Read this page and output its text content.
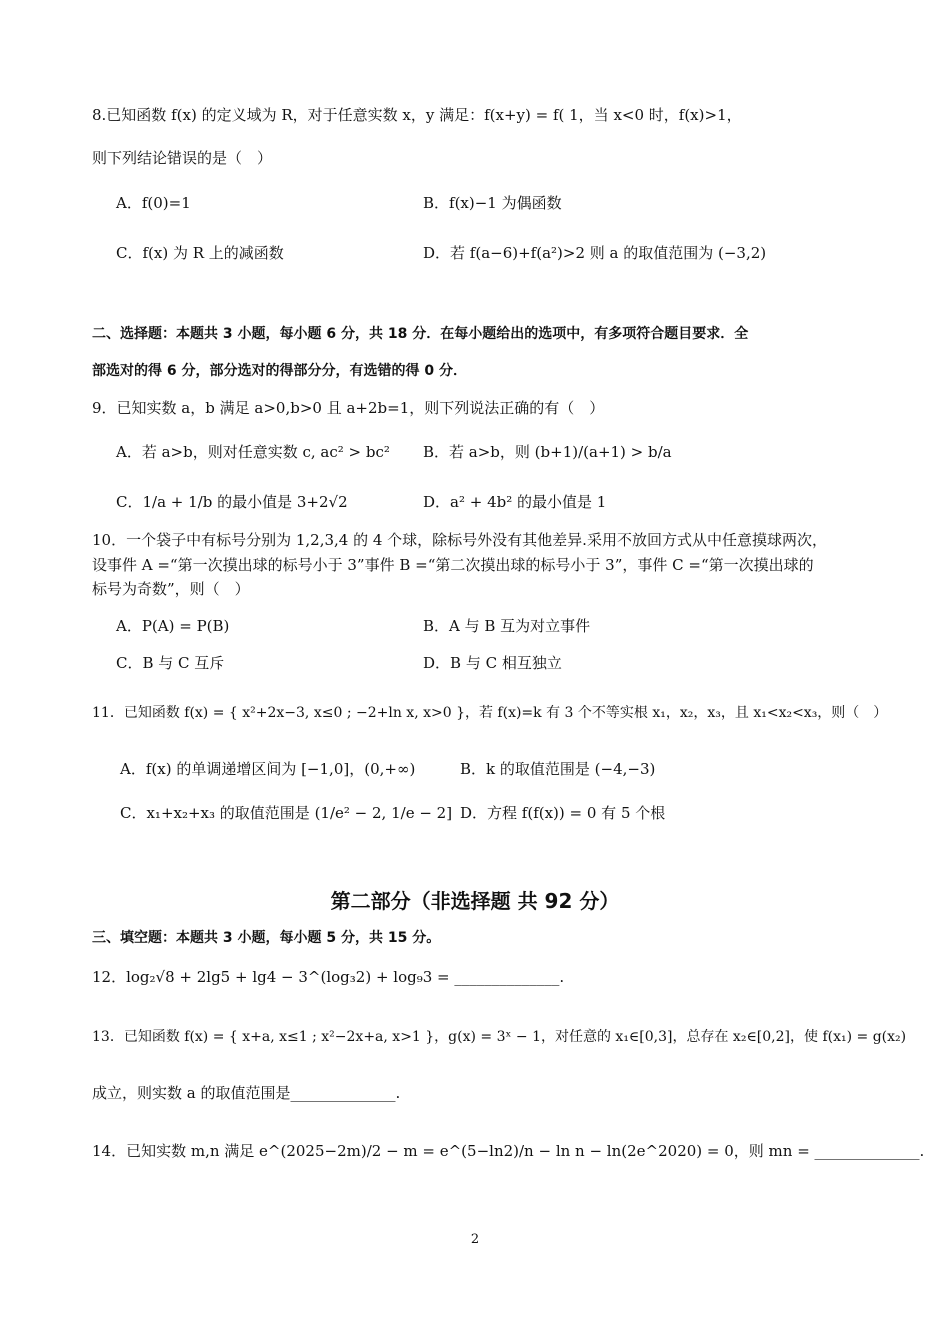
8.已知函数 f(x) 的定义域为 R，对于任意实数 x，y 满足：f(x+y) = f( 1，当 x<0 时，f(x)>1，
则下列结论错误的是（　）
A．f(0)=1	B．f(x)−1 为偶函数
C．f(x) 为 R 上的减函数	D．若 f(a−6)+f(a²)>2 则 a 的取值范围为 (−3,2)
二、选择题：本题共 3 小题，每小题 6 分，共 18 分．在每小题给出的选项中，有多项符合题目要求．全
部选对的得 6 分，部分选对的得部分分，有选错的得 0 分．
9．已知实数 a，b 满足 a>0,b>0 且 a+2b=1，则下列说法正确的有（　）
A．若 a>b，则对任意实数 c, ac² > bc² B．若 a>b，则 (b+1)/(a+1) > b/a
C．1/a + 1/b 的最小值是 3+2√2	D．a² + 4b² 的最小值是 1
10．一个袋子中有标号分别为 1,2,3,4 的 4 个球，除标号外没有其他差异.采用不放回方式从中任意摸球两次，
设事件 A =“第一次摸出球的标号小于 3”事件 B =“第二次摸出球的标号小于 3”，事件 C =“第一次摸出球的
标号为奇数”，则（　）
A．P(A) = P(B)	B．A 与 B 互为对立事件
C．B 与 C 互斥	D．B 与 C 相互独立
11．已知函数 f(x) = { x²+2x−3, x≤0 ; −2+ln x, x>0 }，若 f(x)=k 有 3 个不等实根 x₁，x₂，x₃，且 x₁<x₂<x₃，则（　）
A．f(x) 的单调递增区间为 [−1,0]，(0,+∞)	B．k 的取值范围是 (−4,−3)
C．x₁+x₂+x₃ 的取值范围是 (1/e² − 2, 1/e − 2] D．方程 f(f(x)) = 0 有 5 个根
第二部分（非选择题 共 92 分）
三、填空题：本题共 3 小题，每小题 5 分，共 15 分。
12．log₂√8 + 2lg5 + lg4 − 3^(log₃2) + log₉3 = ______________.
13．已知函数 f(x) = { x+a, x≤1 ; x²−2x+a, x>1 }，g(x) = 3ˣ − 1，对任意的 x₁∈[0,3]，总存在 x₂∈[0,2]，使 f(x₁) = g(x₂)
成立，则实数 a 的取值范围是______________.
14．已知实数 m,n 满足 e^(2025−2m)/2 − m = e^(5−ln2)/n − ln n − ln(2e^2020) = 0，则 mn = ______________.
2
